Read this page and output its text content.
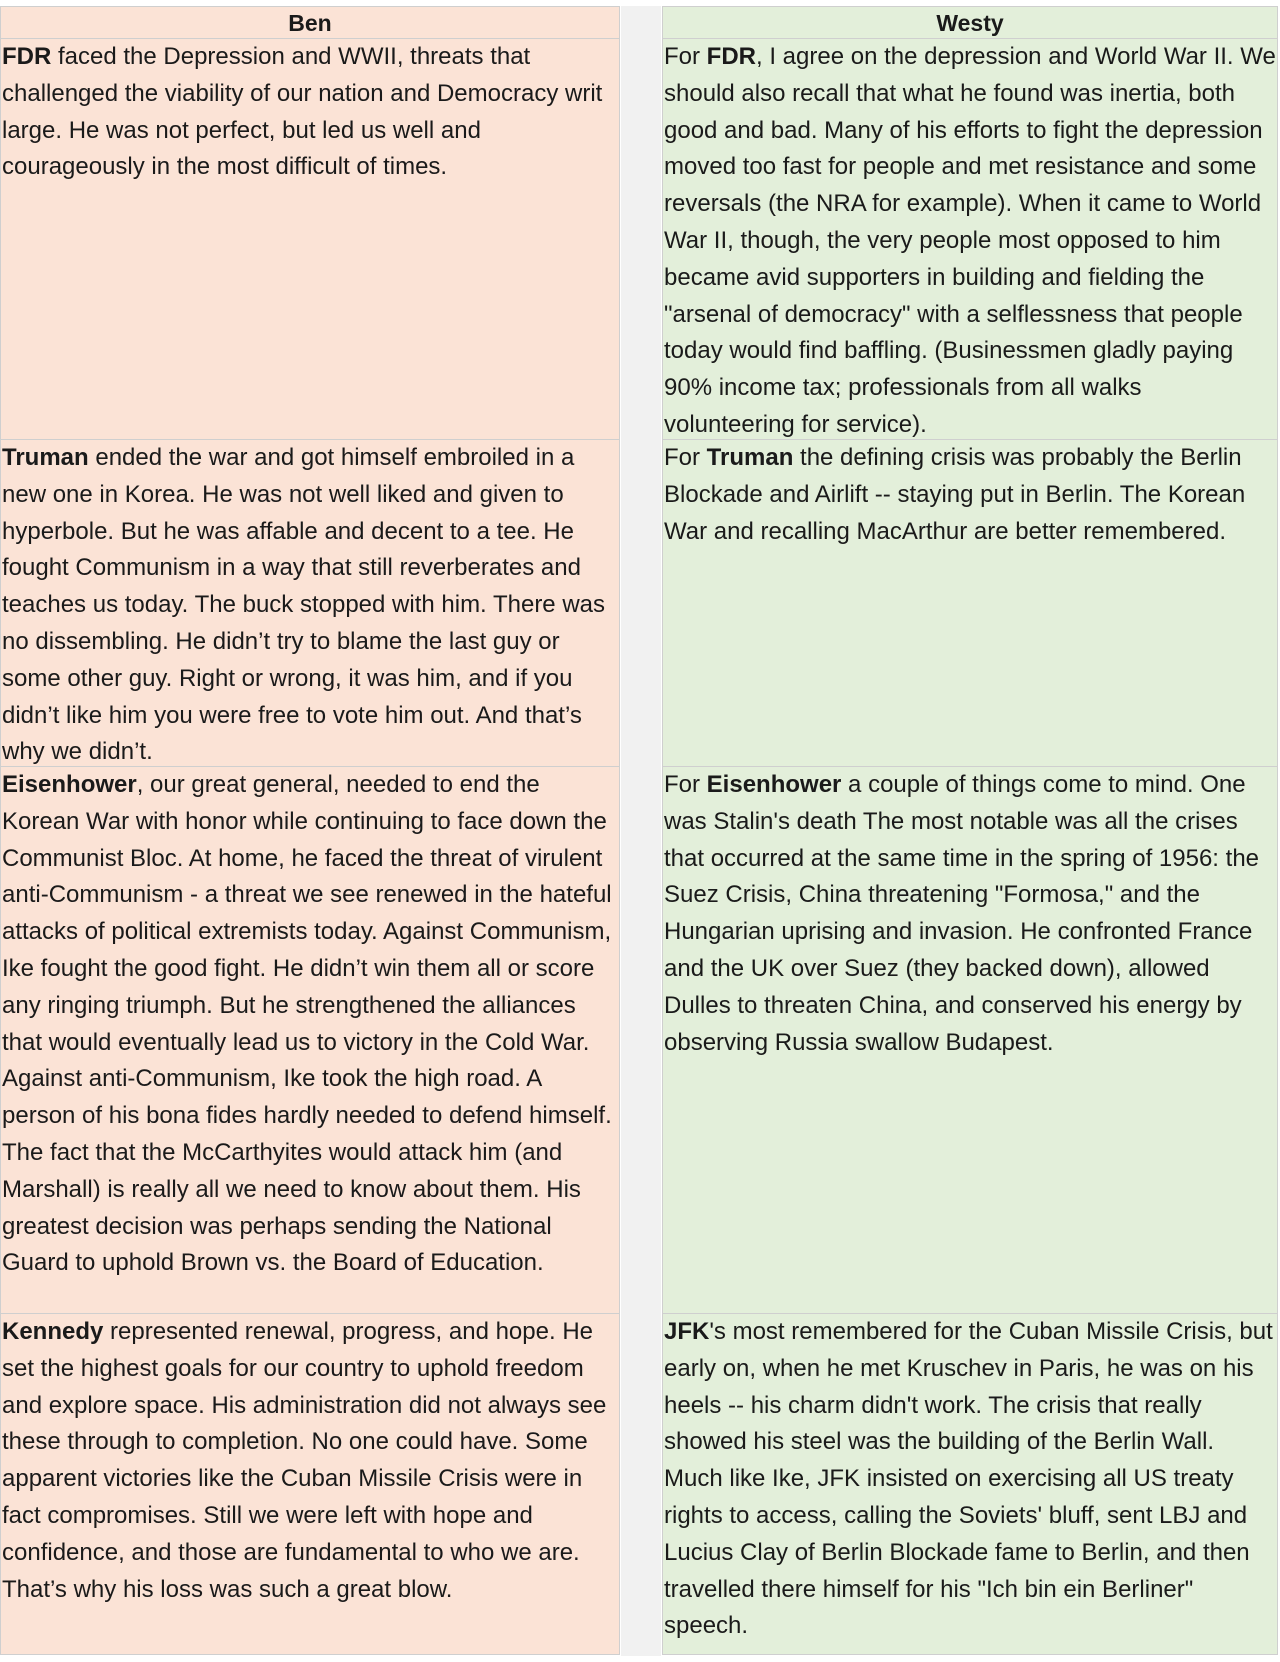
Ben

FDR faced the Depression and WWII, threats that challenged the viability of our nation and Democracy writ large. He was not perfect, but led us well and courageously in the most difficult of times.

Truman ended the war and got himself embroiled in a new one in Korea. He was not well liked and given to hyperbole. But he was affable and decent to a tee. He fought Communism in a way that still reverberates and teaches us today. The buck stopped with him. There was no dissembling. He didn’t try to blame the last guy or some other guy. Right or wrong, it was him, and if you didn’t like him you were free to vote him out. And that’s why we didn’t.

Eisenhower, our great general, needed to end the Korean War with honor while continuing to face down the Communist Bloc. At home, he faced the threat of virulent anti-Communism - a threat we see renewed in the hateful attacks of political extremists today. Against Communism, Ike fought the good fight. He didn’t win them all or score any ringing triumph. But he strengthened the alliances that would eventually lead us to victory in the Cold War. Against anti-Communism, Ike took the high road. A person of his bona fides hardly needed to defend himself. The fact that the McCarthyites would attack him (and Marshall) is really all we need to know about them. His greatest decision was perhaps sending the National Guard to uphold Brown vs. the Board of Education.

Kennedy represented renewal, progress, and hope. He set the highest goals for our country to uphold freedom and explore space. His administration did not always see these through to completion. No one could have. Some apparent victories like the Cuban Missile Crisis were in fact compromises. Still we were left with hope and confidence, and those are fundamental to who we are. That’s why his loss was such a great blow.

Westy

For FDR, I agree on the depression and World War II. We should also recall that what he found was inertia, both good and bad. Many of his efforts to fight the depression moved too fast for people and met resistance and some reversals (the NRA for example). When it came to World War II, though, the very people most opposed to him became avid supporters in building and fielding the "arsenal of democracy" with a selflessness that people today would find baffling. (Businessmen gladly paying 90% income tax; professionals from all walks volunteering for service).

For Truman the defining crisis was probably the Berlin Blockade and Airlift -- staying put in Berlin. The Korean War and recalling MacArthur are better remembered.

For Eisenhower a couple of things come to mind. One was Stalin's death The most notable was all the crises that occurred at the same time in the spring of 1956: the Suez Crisis, China threatening "Formosa," and the Hungarian uprising and invasion. He confronted France and the UK over Suez (they backed down), allowed Dulles to threaten China, and conserved his energy by observing Russia swallow Budapest.

JFK's most remembered for the Cuban Missile Crisis, but early on, when he met Kruschev in Paris, he was on his heels -- his charm didn't work. The crisis that really showed his steel was the building of the Berlin Wall. Much like Ike, JFK insisted on exercising all US treaty rights to access, calling the Soviets' bluff, sent LBJ and Lucius Clay of Berlin Blockade fame to Berlin, and then travelled there himself for his "Ich bin ein Berliner" speech.
